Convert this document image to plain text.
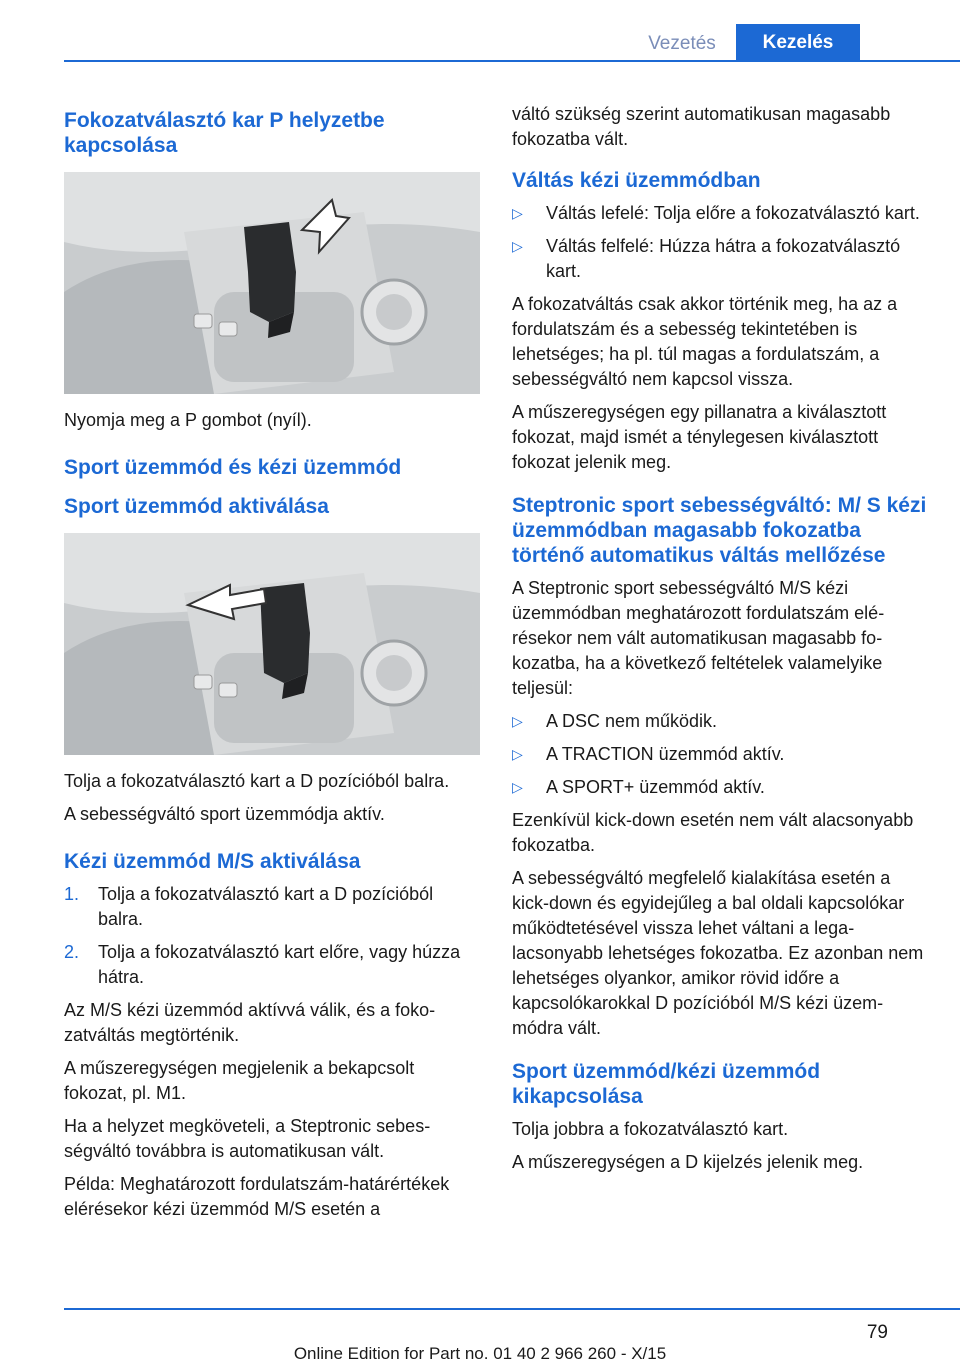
Vezetés	Kezelés
Fokozatválasztó kar P helyzetbe kapcsolása

Nyomja meg a P gombot (nyíl).

Sport üzemmód és kézi üzemmód
Sport üzemmód aktiválása

Tolja a fokozatválasztó kart a D pozícióból balra.

A sebességváltó sport üzemmódja aktív.

Kézi üzemmód M/S aktiválása
1. Tolja a fokozatválasztó kart a D pozícióból balra.
2. Tolja a fokozatválasztó kart előre, vagy húzza hátra.

Az M/S kézi üzemmód aktívvá válik, és a fokozatváltás megtörténik.

A műszeregységen megjelenik a bekapcsolt fokozat, pl. M1.

Ha a helyzet megköveteli, a Steptronic sebességváltó továbbra is automatikusan vált.

Példa: Meghatározott fordulatszám-határértékek elérésekor kézi üzemmód M/S esetén a

váltó szükség szerint automatikusan magasabb fokozatba vált.

Váltás kézi üzemmódban
▷ Váltás lefelé: Tolja előre a fokozatválasztó kart.
▷ Váltás felfelé: Húzza hátra a fokozatválasztó kart.

A fokozatváltás csak akkor történik meg, ha az a fordulatszám és a sebesség tekintetében is lehetséges; ha pl. túl magas a fordulatszám, a sebességváltó nem kapcsol vissza.

A műszeregységen egy pillanatra a kiválasztott fokozat, majd ismét a ténylegesen kiválasztott fokozat jelenik meg.

Steptronic sport sebességváltó: M/ S kézi üzemmódban magasabb fokozatba történő automatikus váltás mellőzése

A Steptronic sport sebességváltó M/S kézi üzemmódban meghatározott fordulatszám elérésekor nem vált automatikusan magasabb fokozatba, ha a következő feltételek valamelyike teljesül:

▷ A DSC nem működik.
▷ A TRACTION üzemmód aktív.
▷ A SPORT+ üzemmód aktív.

Ezenkívül kick-down esetén nem vált alacsonyabb fokozatba.

A sebességváltó megfelelő kialakítása esetén a kick-down és egyidejűleg a bal oldali kapcsolókar működtetésével vissza lehet váltani a legalacsonyabb lehetséges fokozatba. Ez azonban nem lehetséges olyankor, amikor rövid időre a kapcsolókarokkal D pozícióból M/S kézi üzemmódra vált.

Sport üzemmód/kézi üzemmód kikapcsolása

Tolja jobbra a fokozatválasztó kart.

A műszeregységen a D kijelzés jelenik meg.

79
Online Edition for Part no. 01 40 2 966 260 - X/15
